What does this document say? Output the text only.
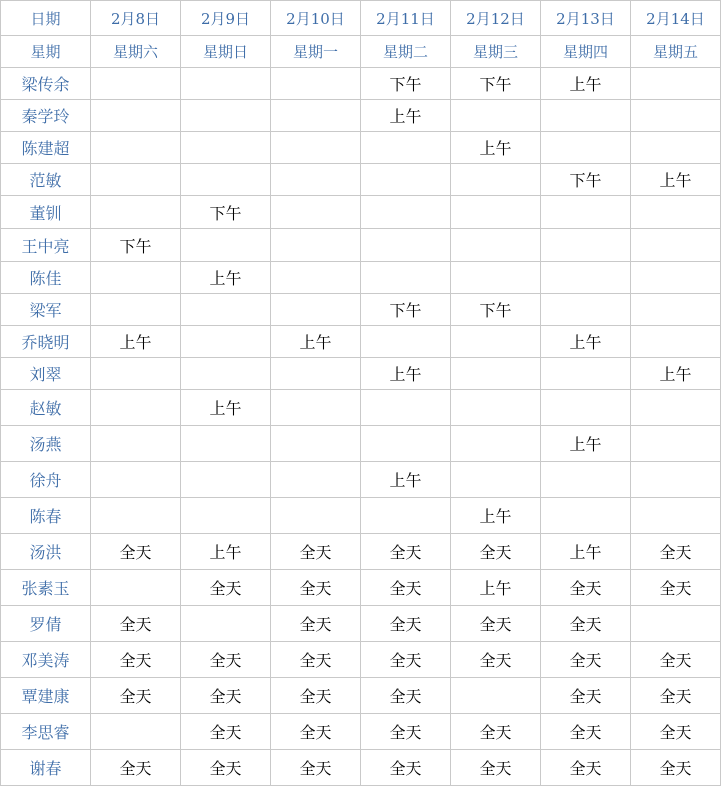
日期	2月8日	2月9日	2月10日	2月11日	2月12日	2月13日	2月14日
星期	星期六	星期日	星期一	星期二	星期三	星期四	星期五
梁传余				下午	下午	上午	
秦学玲				上午			
陈建超					上午		
范敏						下午	上午
董钏		下午					
王中亮	下午						
陈佳		上午					
梁军				下午	下午		
乔晓明	上午		上午			上午	
刘翠				上午			上午
赵敏		上午					
汤燕						上午	
徐舟				上午			
陈春					上午		
汤洪	全天	上午	全天	全天	全天	上午	全天
张素玉		全天	全天	全天	上午	全天	全天
罗倩	全天		全天	全天	全天	全天	
邓美涛	全天	全天	全天	全天	全天	全天	全天
覃建康	全天	全天	全天	全天		全天	全天
李思睿		全天	全天	全天	全天	全天	全天
谢春	全天	全天	全天	全天	全天	全天	全天
